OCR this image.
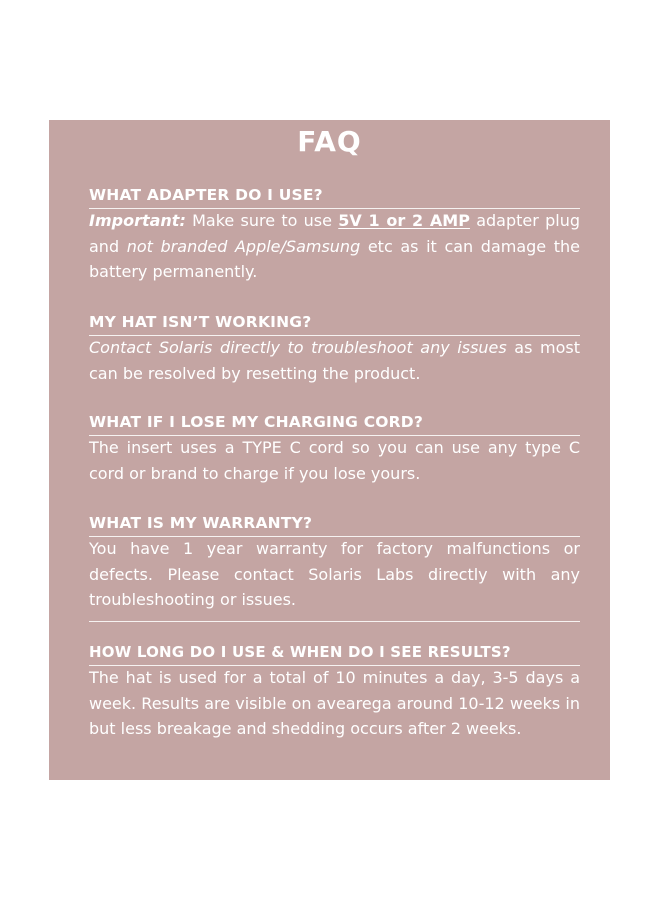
FAQ
WHAT ADAPTER DO I USE?
Important: Make sure to use 5V 1 or 2 AMP adapter plug and not branded Apple/Samsung etc as it can damage the battery permanently.
MY HAT ISN’T WORKING?
Contact Solaris directly to troubleshoot any issues as most can be resolved by resetting the product.
WHAT IF I LOSE MY CHARGING CORD?
The insert uses a TYPE C cord so you can use any type C cord or brand to charge if you lose yours.
WHAT IS MY WARRANTY?
You have 1 year warranty for factory malfunctions or defects. Please contact Solaris Labs directly with any troubleshooting or issues.
HOW LONG DO I USE & WHEN DO I SEE RESULTS?
The hat is used for a total of 10 minutes a day, 3-5 days a week. Results are visible on avearega around 10-12 weeks in but less breakage and shedding occurs after 2 weeks.
